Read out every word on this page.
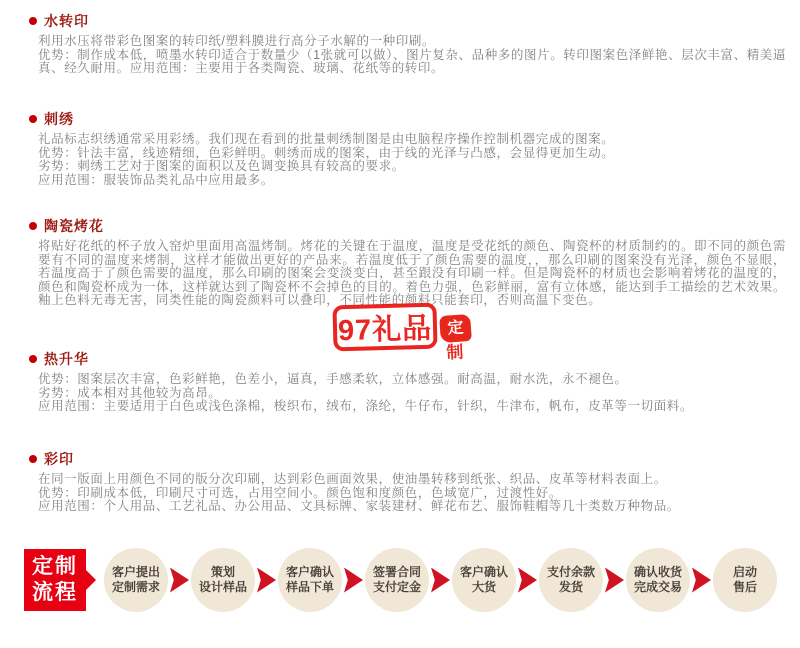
水转印

利用水压将带彩色图案的转印纸/塑料膜进行高分子水解的一种印刷。

优势：制作成本低，喷墨水转印适合于数量少（1张就可以做）、图片复杂、品种多的图片。转印图案色泽鲜艳、层次丰富、精美逼真、经久耐用。应用范围：主要用于各类陶瓷、玻璃、花纸等的转印。

刺绣

礼品标志织绣通常采用彩绣。我们现在看到的批量刺绣制图是由电脑程序操作控制机器完成的图案。

优势：针法丰富，线迹精细，色彩鲜明。刺绣而成的图案，由于线的光泽与凸感，会显得更加生动。

劣势：刺绣工艺对于图案的面积以及色调变换具有较高的要求。

应用范围：服装饰品类礼品中应用最多。

陶瓷烤花

将贴好花纸的杯子放入窑炉里面用高温烤制。烤花的关键在于温度，温度是受花纸的颜色、陶瓷杯的材质制约的。即不同的颜色需要有不同的温度来烤制，这样才能做出更好的产品来。若温度低于了颜色需要的温度，，那么印刷的图案没有光泽，颜色不显眼，若温度高于了颜色需要的温度，那么印刷的图案会变淡变白，甚至跟没有印刷一样。但是陶瓷杯的材质也会影响着烤花的温度的，颜色和陶瓷杯成为一体，这样就达到了陶瓷杯不会掉色的目的。着色力强，色彩鲜丽，富有立体感，能达到手工描绘的艺术效果。釉上色料无毒无害，同类性能的陶瓷颜料可以叠印，不同性能的颜料只能套印，否则高温下变色。

热升华

优势：图案层次丰富，色彩鲜艳，色差小，逼真，手感柔软，立体感强。耐高温，耐水洗，永不褪色。

劣势：成本相对其他较为高昂。

应用范围：主要适用于白色或浅色涤棉，梭织布，绒布，涤纶，牛仔布，针织，牛津布，帆布，皮革等一切面料。

彩印

在同一版面上用颜色不同的版分次印刷，达到彩色画面效果，使油墨转移到纸张、织品、皮革等材料表面上。

优势：印刷成本低，印刷尺寸可选，占用空间小。颜色饱和度颜色，色域宽广，过渡性好。

应用范围：个人用品、工艺礼品、办公用品、文具标牌、家装建材、鲜花布艺、服饰鞋帽等几十类数万种物品。

97礼品 定
制
定制
流程
客户提出
定制需求
策划
设计样品
客户确认
样品下单
签署合同
支付定金
客户确认
大货
支付余款
发货
确认收货
完成交易
启动
售后
